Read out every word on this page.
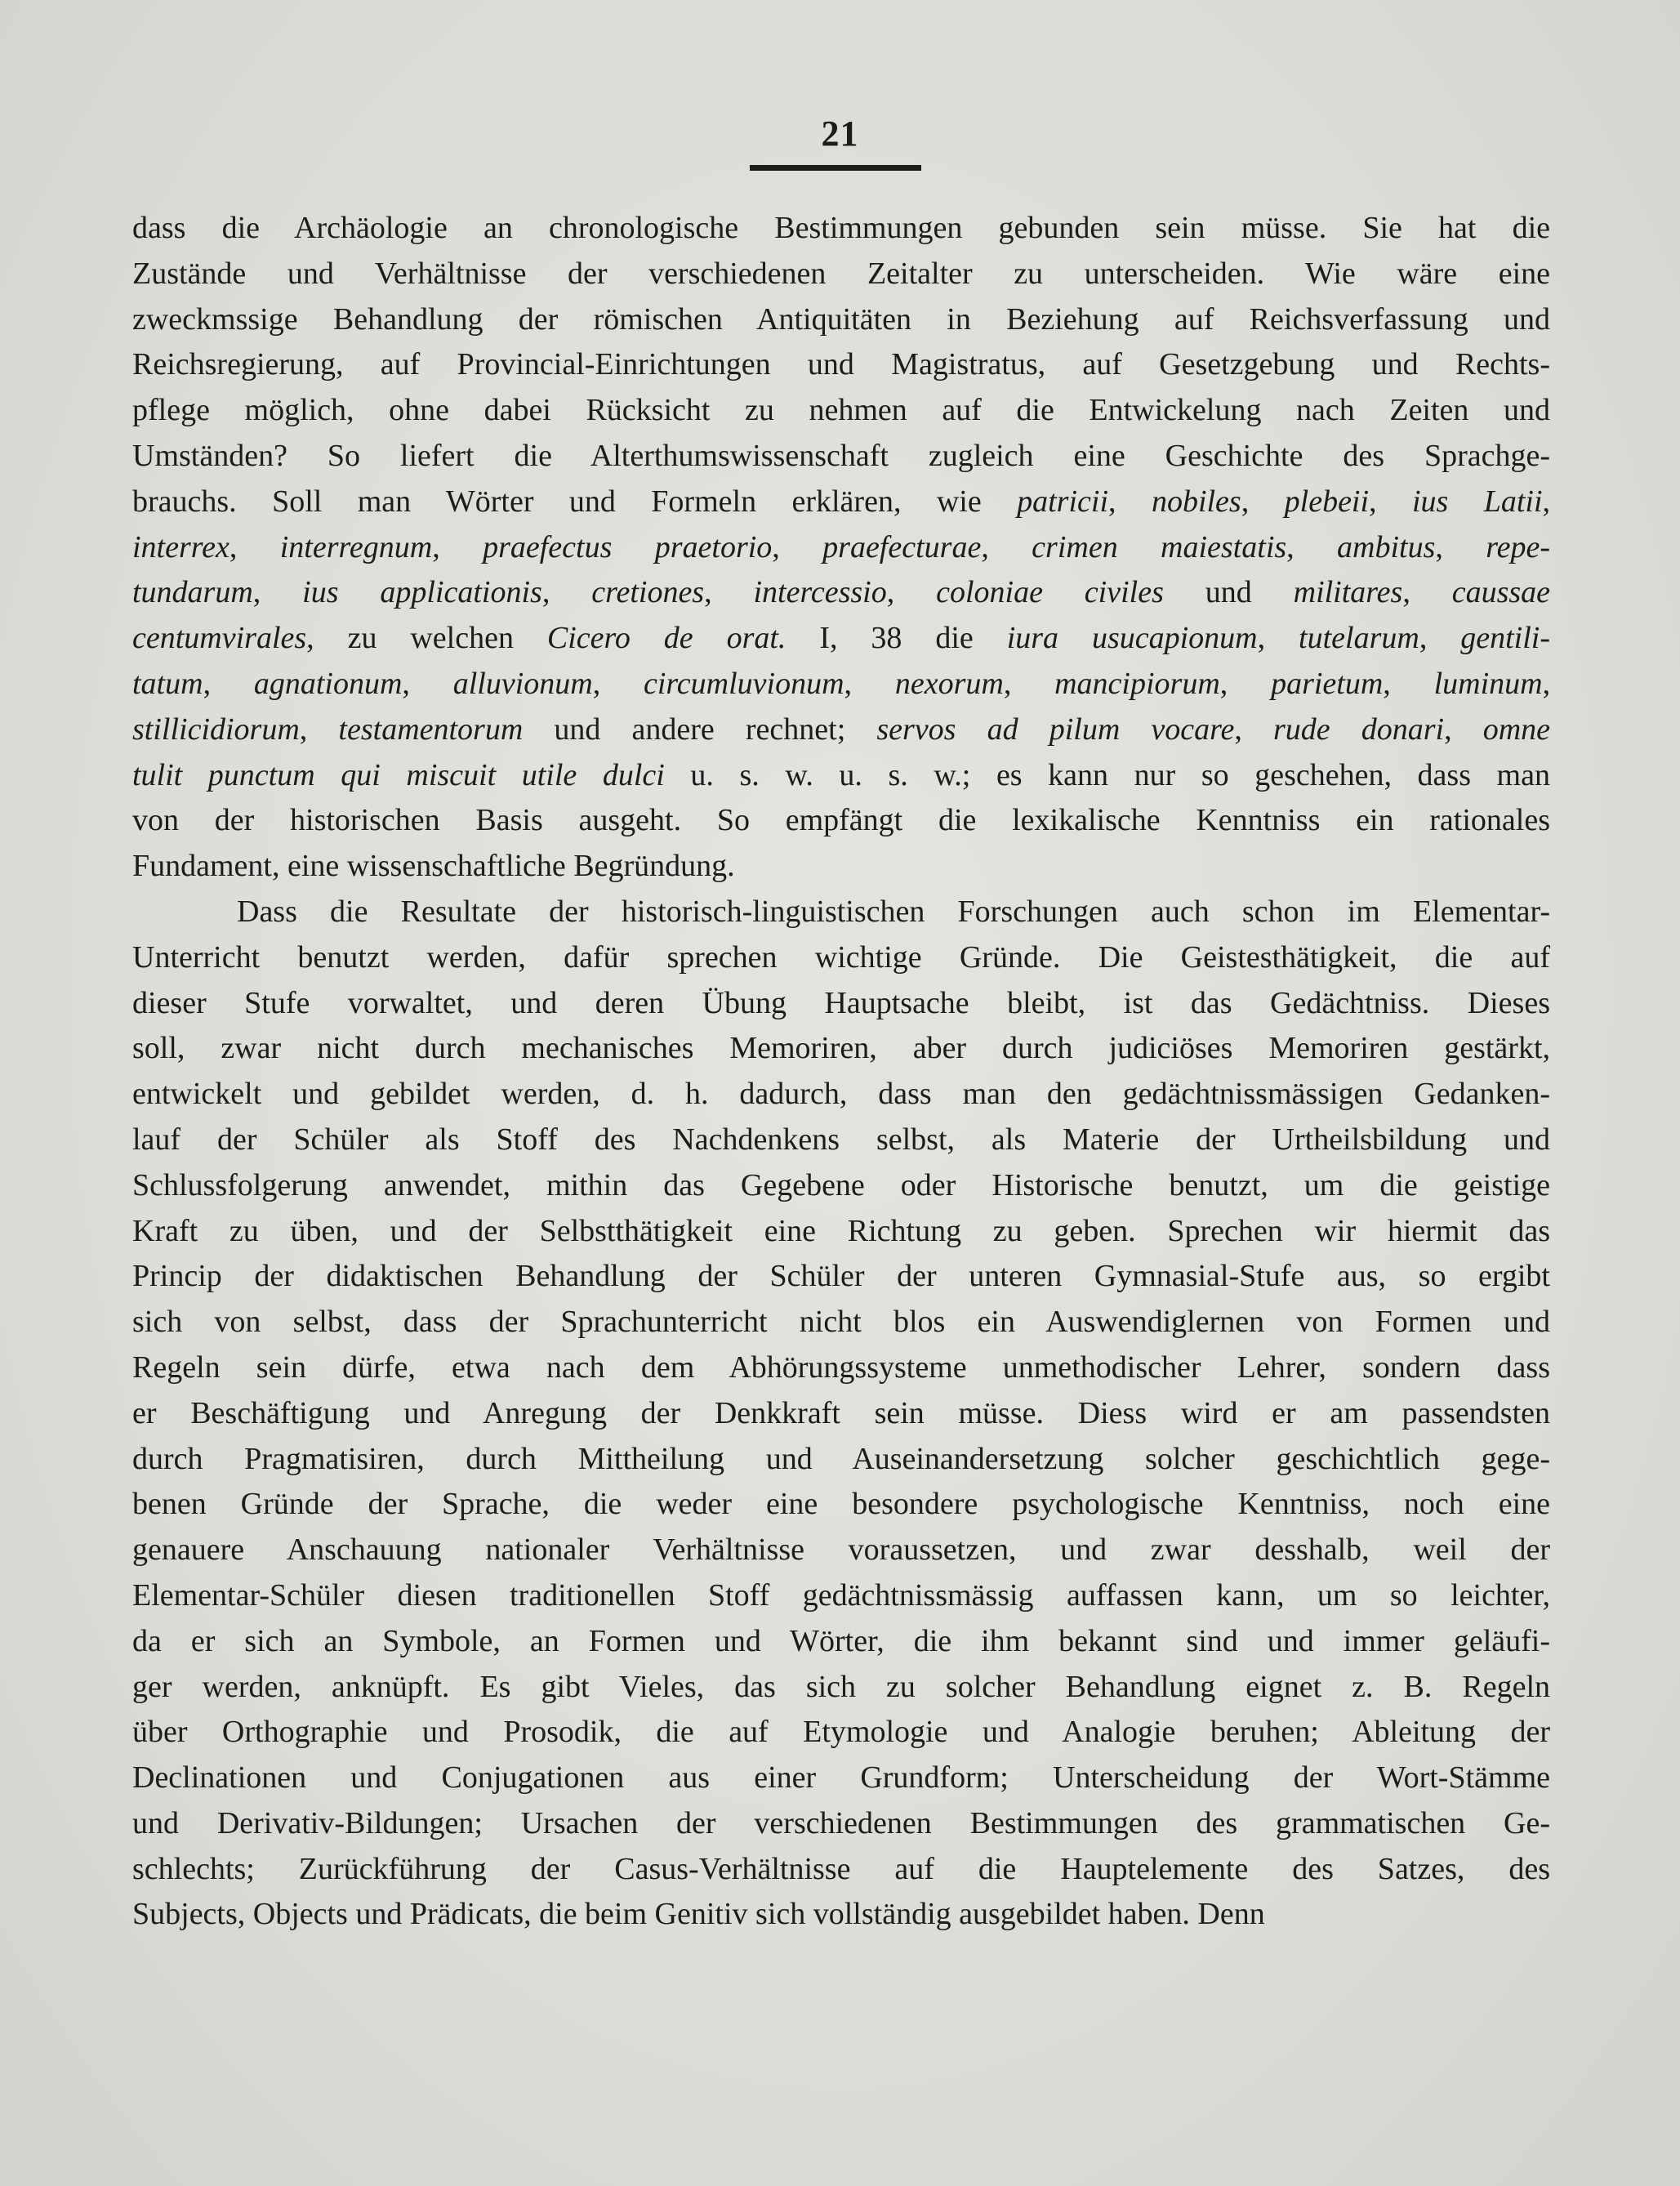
21
dass die Archäologie an chronologische Bestimmungen gebunden sein müsse. Sie hat die
Zustände und Verhältnisse der verschiedenen Zeitalter zu unterscheiden. Wie wäre eine
zweckmssige Behandlung der römischen Antiquitäten in Beziehung auf Reichsverfassung und
Reichsregierung, auf Provincial-Einrichtungen und Magistratus, auf Gesetzgebung und Rechts-
pflege möglich, ohne dabei Rücksicht zu nehmen auf die Entwickelung nach Zeiten und
Umständen? So liefert die Alterthumswissenschaft zugleich eine Geschichte des Sprachge-
brauchs. Soll man Wörter und Formeln erklären, wie patricii, nobiles, plebeii, ius Latii,
interrex, interregnum, praefectus praetorio, praefecturae, crimen maiestatis, ambitus, repe-
tundarum, ius applicationis, cretiones, intercessio, coloniae civiles und militares, caussae
centumvirales, zu welchen Cicero de orat. I, 38 die iura usucapionum, tutelarum, gentili-
tatum, agnationum, alluvionum, circumluvionum, nexorum, mancipiorum, parietum, luminum,
stillicidiorum, testamentorum und andere rechnet; servos ad pilum vocare, rude donari, omne
tulit punctum qui miscuit utile dulci u. s. w. u. s. w.; es kann nur so geschehen, dass man
von der historischen Basis ausgeht. So empfängt die lexikalische Kenntniss ein rationales
Fundament, eine wissenschaftliche Begründung.
Dass die Resultate der historisch-linguistischen Forschungen auch schon im Elementar-
Unterricht benutzt werden, dafür sprechen wichtige Gründe. Die Geistesthätigkeit, die auf
dieser Stufe vorwaltet, und deren Übung Hauptsache bleibt, ist das Gedächtniss. Dieses
soll, zwar nicht durch mechanisches Memoriren, aber durch judiciöses Memoriren gestärkt,
entwickelt und gebildet werden, d. h. dadurch, dass man den gedächtnissmässigen Gedanken-
lauf der Schüler als Stoff des Nachdenkens selbst, als Materie der Urtheilsbildung und
Schlussfolgerung anwendet, mithin das Gegebene oder Historische benutzt, um die geistige
Kraft zu üben, und der Selbstthätigkeit eine Richtung zu geben. Sprechen wir hiermit das
Princip der didaktischen Behandlung der Schüler der unteren Gymnasial-Stufe aus, so ergibt
sich von selbst, dass der Sprachunterricht nicht blos ein Auswendiglernen von Formen und
Regeln sein dürfe, etwa nach dem Abhörungssysteme unmethodischer Lehrer, sondern dass
er Beschäftigung und Anregung der Denkkraft sein müsse. Diess wird er am passendsten
durch Pragmatisiren, durch Mittheilung und Auseinandersetzung solcher geschichtlich gege-
benen Gründe der Sprache, die weder eine besondere psychologische Kenntniss, noch eine
genauere Anschauung nationaler Verhältnisse voraussetzen, und zwar desshalb, weil der
Elementar-Schüler diesen traditionellen Stoff gedächtnissmässig auffassen kann, um so leichter,
da er sich an Symbole, an Formen und Wörter, die ihm bekannt sind und immer geläufi-
ger werden, anknüpft. Es gibt Vieles, das sich zu solcher Behandlung eignet z. B. Regeln
über Orthographie und Prosodik, die auf Etymologie und Analogie beruhen; Ableitung der
Declinationen und Conjugationen aus einer Grundform; Unterscheidung der Wort-Stämme
und Derivativ-Bildungen; Ursachen der verschiedenen Bestimmungen des grammatischen Ge-
schlechts; Zurückführung der Casus-Verhältnisse auf die Hauptelemente des Satzes, des
Subjects, Objects und Prädicats, die beim Genitiv sich vollständig ausgebildet haben. Denn
